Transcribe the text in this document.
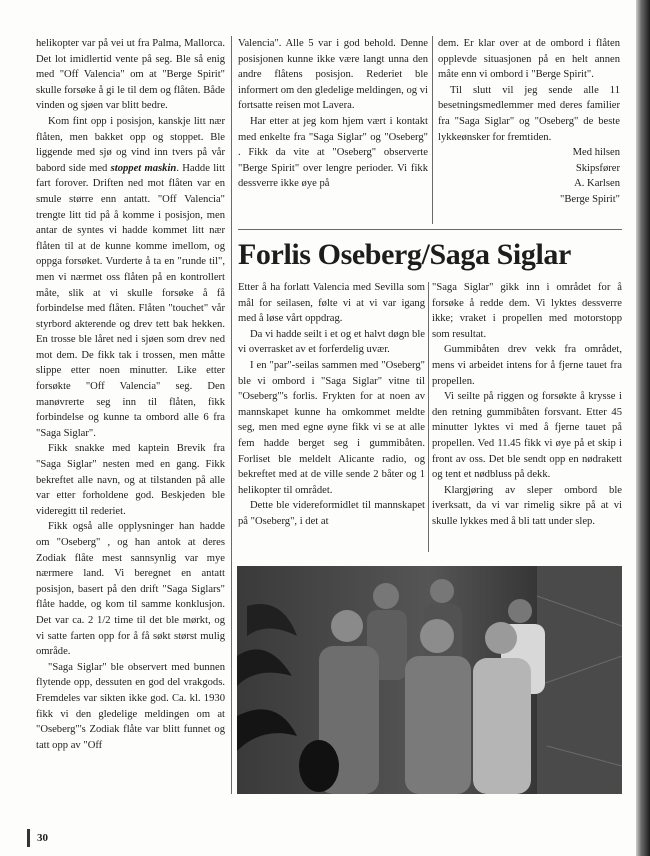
helikopter var på vei ut fra Palma, Mallorca. Det lot imidlertid vente på seg. Ble så enig med "Off Valencia" om at "Berge Spirit" skulle forsøke å gi le til dem og flåten. Både vinden og sjøen var blitt bedre.

Kom fint opp i posisjon, kanskje litt nær flåten, men bakket opp og stoppet. Ble liggende med sjø og vind inn tvers på vår babord side med stoppet maskin. Hadde litt fart forover. Driften ned mot flåten var en smule større enn antatt. "Off Valencia" trengte litt tid på å komme i posisjon, men antar de syntes vi hadde kommet litt nær flåten til at de kunne komme imellom, og oppga forsøket. Vurderte å ta en "runde til", men vi nærmet oss flåten på en kontrollert måte, slik at vi skulle forsøke å få forbindelse med flåten. Flåten "touchet" vår styrbord akterende og drev tett bak hekken. En trosse ble låret ned i sjøen som drev ned mot dem. De fikk tak i trossen, men måtte slippe etter noen minutter. Like etter forsøkte "Off Valencia" seg. Den manøvrerte seg inn til flåten, fikk forbindelse og kunne ta ombord alle 6 fra "Saga Siglar".

Fikk snakke med kaptein Brevik fra "Saga Siglar" nesten med en gang. Fikk bekreftet alle navn, og at tilstanden på alle var etter forholdene god. Beskjeden ble videregitt til rederiet.

Fikk også alle opplysninger han hadde om "Oseberg" , og han antok at deres Zodiak flåte mest sannsynlig var mye nærmere land. Vi beregnet en antatt posisjon, basert på den drift "Saga Siglars" flåte hadde, og kom til samme konklusjon. Det var ca. 2 1/2 time til det ble mørkt, og vi satte farten opp for å få søkt størst mulig område.

"Saga Siglar" ble observert med bunnen flytende opp, dessuten en god del vrakgods. Fremdeles var sikten ikke god. Ca. kl. 1930 fikk vi den gledelige meldingen om at "Oseberg"'s Zodiak flåte var blitt funnet og tatt opp av "Off

Valencia". Alle 5 var i god behold. Denne posisjonen kunne ikke være langt unna den andre flåtens posisjon. Rederiet ble informert om den gledelige meldingen, og vi fortsatte reisen mot Lavera.

Har etter at jeg kom hjem vært i kontakt med enkelte fra "Saga Siglar" og "Oseberg" . Fikk da vite at "Oseberg" observerte "Berge Spirit" over lengre perioder. Vi fikk dessverre ikke øye på

dem. Er klar over at de ombord i flåten opplevde situasjonen på en helt annen måte enn vi ombord i "Berge Spirit".

Til slutt vil jeg sende alle 11 besetningsmedlemmer med deres familier fra "Saga Siglar" og "Oseberg" de beste lykkeønsker for fremtiden.

Med hilsen

Skipsfører

A. Karlsen

"Berge Spirit"

Forlis Oseberg/Saga Siglar

Etter å ha forlatt Valencia med Sevilla som mål for seilasen, følte vi at vi var igang med å løse vårt oppdrag.

Da vi hadde seilt i et og et halvt døgn ble vi overrasket av et forferdelig uvær.

I en "par"-seilas sammen med "Oseberg" ble vi ombord i "Saga Siglar" vitne til "Oseberg"'s forlis. Frykten for at noen av mannskapet kunne ha omkommet meldte seg, men med egne øyne fikk vi se at alle fem hadde berget seg i gummibåten. Forliset ble meldelt Alicante radio, og bekreftet med at de ville sende 2 båter og 1 helikopter til området.

Dette ble videreformidlet til mannskapet på "Oseberg", i det at

"Saga Siglar" gikk inn i området for å forsøke å redde dem. Vi lyktes dessverre ikke; vraket i propellen med motorstopp som resultat.

Gummibåten drev vekk fra området, mens vi arbeidet intens for å fjerne tauet fra propellen.

Vi seilte på riggen og forsøkte å krysse i den retning gummibåten forsvant. Etter 45 minutter lyktes vi med å fjerne tauet på propellen. Ved 11.45 fikk vi øye på et skip i front av oss. Det ble sendt opp en nødrakett og tent et nødbluss på dekk.

Klargjøring av sleper ombord ble iverksatt, da vi var rimelig sikre på at vi skulle lykkes med å bli tatt under slep.

30
